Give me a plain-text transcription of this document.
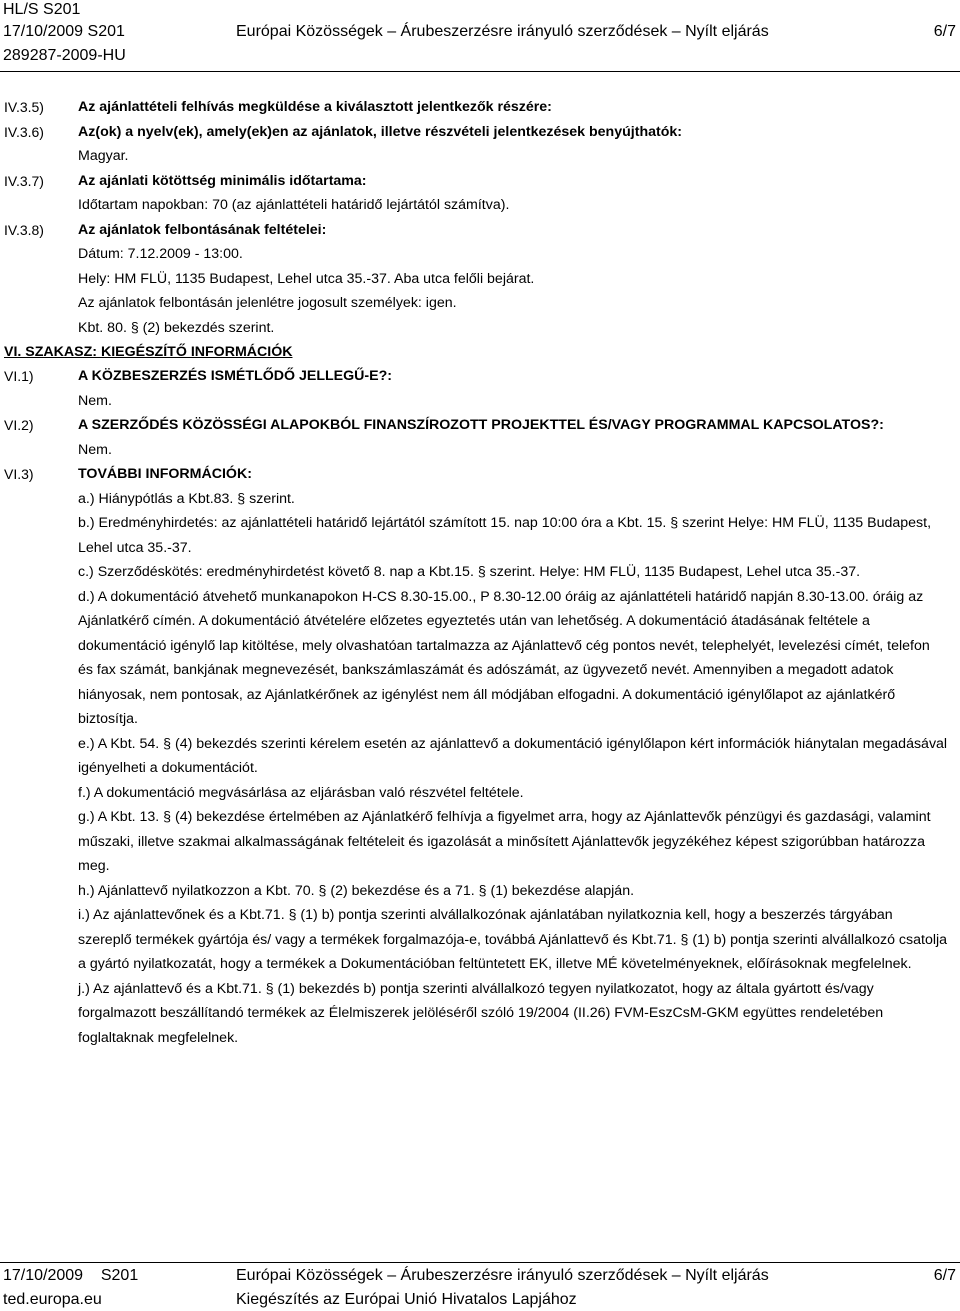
HL/S S201
17/10/2009 S201	Európai Közösségek – Árubeszerzésre irányuló szerződések – Nyílt eljárás	6/7
289287-2009-HU
IV.3.5) Az ajánlattételi felhívás megküldése a kiválasztott jelentkezők részére:
IV.3.6) Az(ok) a nyelv(ek), amely(ek)en az ajánlatok, illetve részvételi jelentkezések benyújthatók:
Magyar.
IV.3.7) Az ajánlati kötöttség minimális időtartama:
Időtartam napokban: 70 (az ajánlattételi határidő lejártától számítva).
IV.3.8) Az ajánlatok felbontásának feltételei:
Dátum: 7.12.2009 - 13:00.
Hely: HM FLÜ, 1135 Budapest, Lehel utca 35.-37. Aba utca felőli bejárat.
Az ajánlatok felbontásán jelenlétre jogosult személyek: igen.
Kbt. 80. § (2) bekezdés szerint.
VI. SZAKASZ: KIEGÉSZÍTŐ INFORMÁCIÓK
VI.1)	A KÖZBESZERZÉS ISMÉTLŐDŐ JELLEGŰ-E?:
Nem.
VI.2)	A SZERZŐDÉS KÖZÖSSÉGI ALAPOKBÓL FINANSZÍROZOTT PROJEKTTEL ÉS/VAGY PROGRAMMAL KAPCSOLATOS?:
Nem.
VI.3)	TOVÁBBI INFORMÁCIÓK:
a.) Hiánypótlás a Kbt.83. § szerint.
b.) Eredményhirdetés: az ajánlattételi határidő lejártától számított 15. nap 10:00 óra a Kbt. 15. § szerint Helye: HM FLÜ, 1135 Budapest, Lehel utca 35.-37.
c.) Szerződéskötés: eredményhirdetést követő 8. nap a Kbt.15. § szerint. Helye: HM FLÜ, 1135 Budapest, Lehel utca 35.-37.
d.) A dokumentáció átvehető munkanapokon H-CS 8.30-15.00., P 8.30-12.00 óráig az ajánlattételi határidő napján 8.30-13.00. óráig az Ajánlatkérő címén. A dokumentáció átvételére előzetes egyeztetés után van lehetőség. A dokumentáció átadásának feltétele a dokumentáció igénylő lap kitöltése, mely olvashatóan tartalmazza az Ajánlattevő cég pontos nevét, telephelyét, levelezési címét, telefon és fax számát, bankjának megnevezését, bankszámlaszámát és adószámát, az ügyvezető nevét. Amennyiben a megadott adatok hiányosak, nem pontosak, az Ajánlatkérőnek az igénylést nem áll módjában elfogadni. A dokumentáció igénylőlapot az ajánlatkérő biztosítja.
e.) A Kbt. 54. § (4) bekezdés szerinti kérelem esetén az ajánlattevő a dokumentáció igénylőlapon kért információk hiánytalan megadásával igényelheti a dokumentációt.
f.) A dokumentáció megvásárlása az eljárásban való részvétel feltétele.
g.) A Kbt. 13. § (4) bekezdése értelmében az Ajánlatkérő felhívja a figyelmet arra, hogy az Ajánlattevők pénzügyi és gazdasági, valamint műszaki, illetve szakmai alkalmasságának feltételeit és igazolását a minősített Ajánlattevők jegyzékéhez képest szigorúbban határozza meg.
h.) Ajánlattevő nyilatkozzon a Kbt. 70. § (2) bekezdése és a 71. § (1) bekezdése alapján.
i.) Az ajánlattevőnek és a Kbt.71. § (1) b) pontja szerinti alvállalkozónak ajánlatában nyilatkoznia kell, hogy a beszerzés tárgyában szereplő termékek gyártója és/ vagy a termékek forgalmazója-e, továbbá Ajánlattevő és Kbt.71. § (1) b) pontja szerinti alvállalkozó csatolja a gyártó nyilatkozatát, hogy a termékek a Dokumentációban feltüntetett EK, illetve MÉ követelményeknek, előírásoknak megfelelnek.
j.) Az ajánlattevő és a Kbt.71. § (1) bekezdés b) pontja szerinti alvállalkozó tegyen nyilatkozatot, hogy az általa gyártott és/vagy forgalmazott beszállítandó termékek az Élelmiszerek jelöléséről szóló 19/2004 (II.26) FVM-EszCsM-GKM együttes rendeletében foglaltaknak megfelelnek.
17/10/2009 S201	Európai Közösségek – Árubeszerzésre irányuló szerződések – Nyílt eljárás	6/7
ted.europa.eu	Kiegészítés az Európai Unió Hivatalos Lapjához
